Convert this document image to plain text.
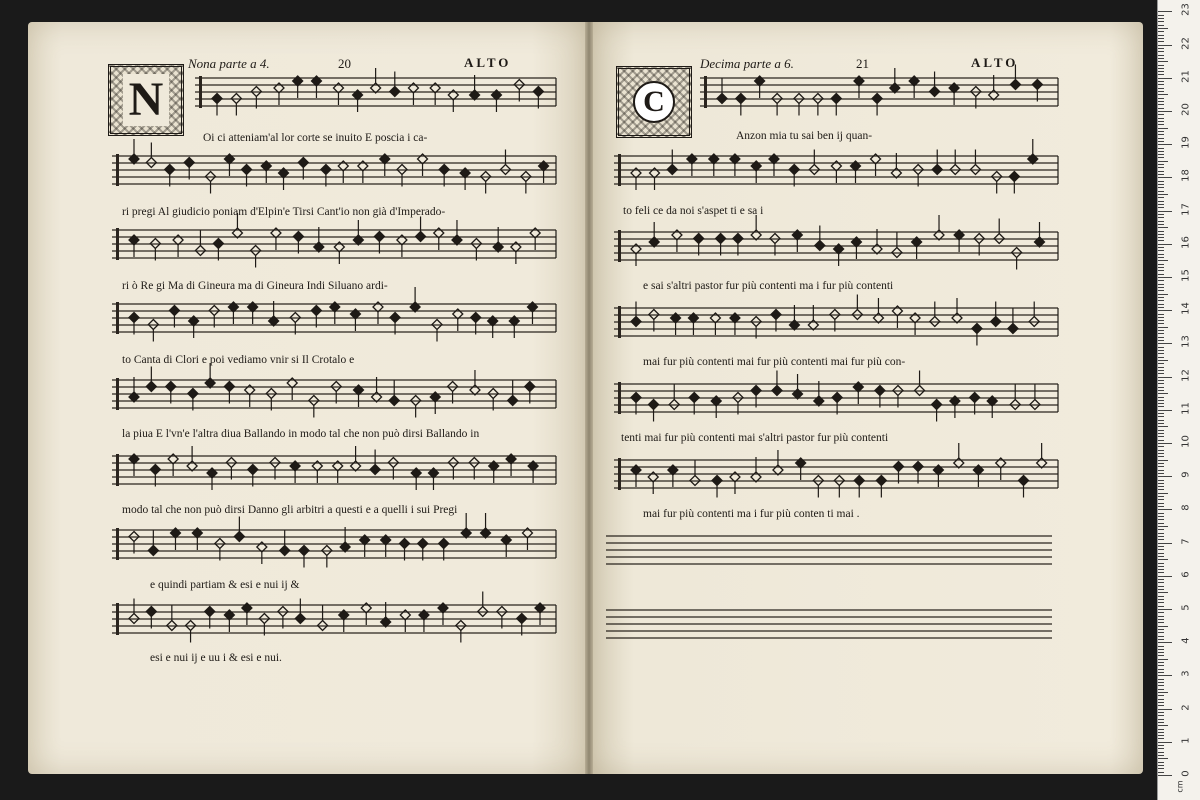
Nona parte a 4.	20	ALTO
N
Decima parte a 6.	21	ALTO
C
Oi ci atteniam'al lor corte se inuito E poscia i ca-
ri pregi Al giudicio poniam d'Elpin'e Tirsi Cant'io non già d'Imperado-
ri ò Re gi Ma di Gineura ma di Gineura Indi Siluano ardi-
to Canta di Clori e poi vediamo vnir si Il Crotalo e
la piua E l'vn'e l'altra diua Ballando in modo tal che non può dirsi Ballando in
modo tal che non può dirsi Danno gli arbitri a questi e a quelli i sui Pregi
e quindi partiam & esi e nui ij &
esi e nui ij e uu i & esi e nui.
Anzon mia tu sai ben ij quan-
to feli ce da noi s'aspet ti e sa i
e sai s'altri pastor fur più contenti ma i fur più contenti
mai fur più contenti mai fur più contenti mai fur più con-
tenti mai fur più contenti mai s'altri pastor fur più contenti
mai fur più contenti ma i fur più conten ti mai .
0
1
2
3
4
5
6
7
8
9
10
11
12
13
14
15
16
17
18
19
20
21
22
23
cm
